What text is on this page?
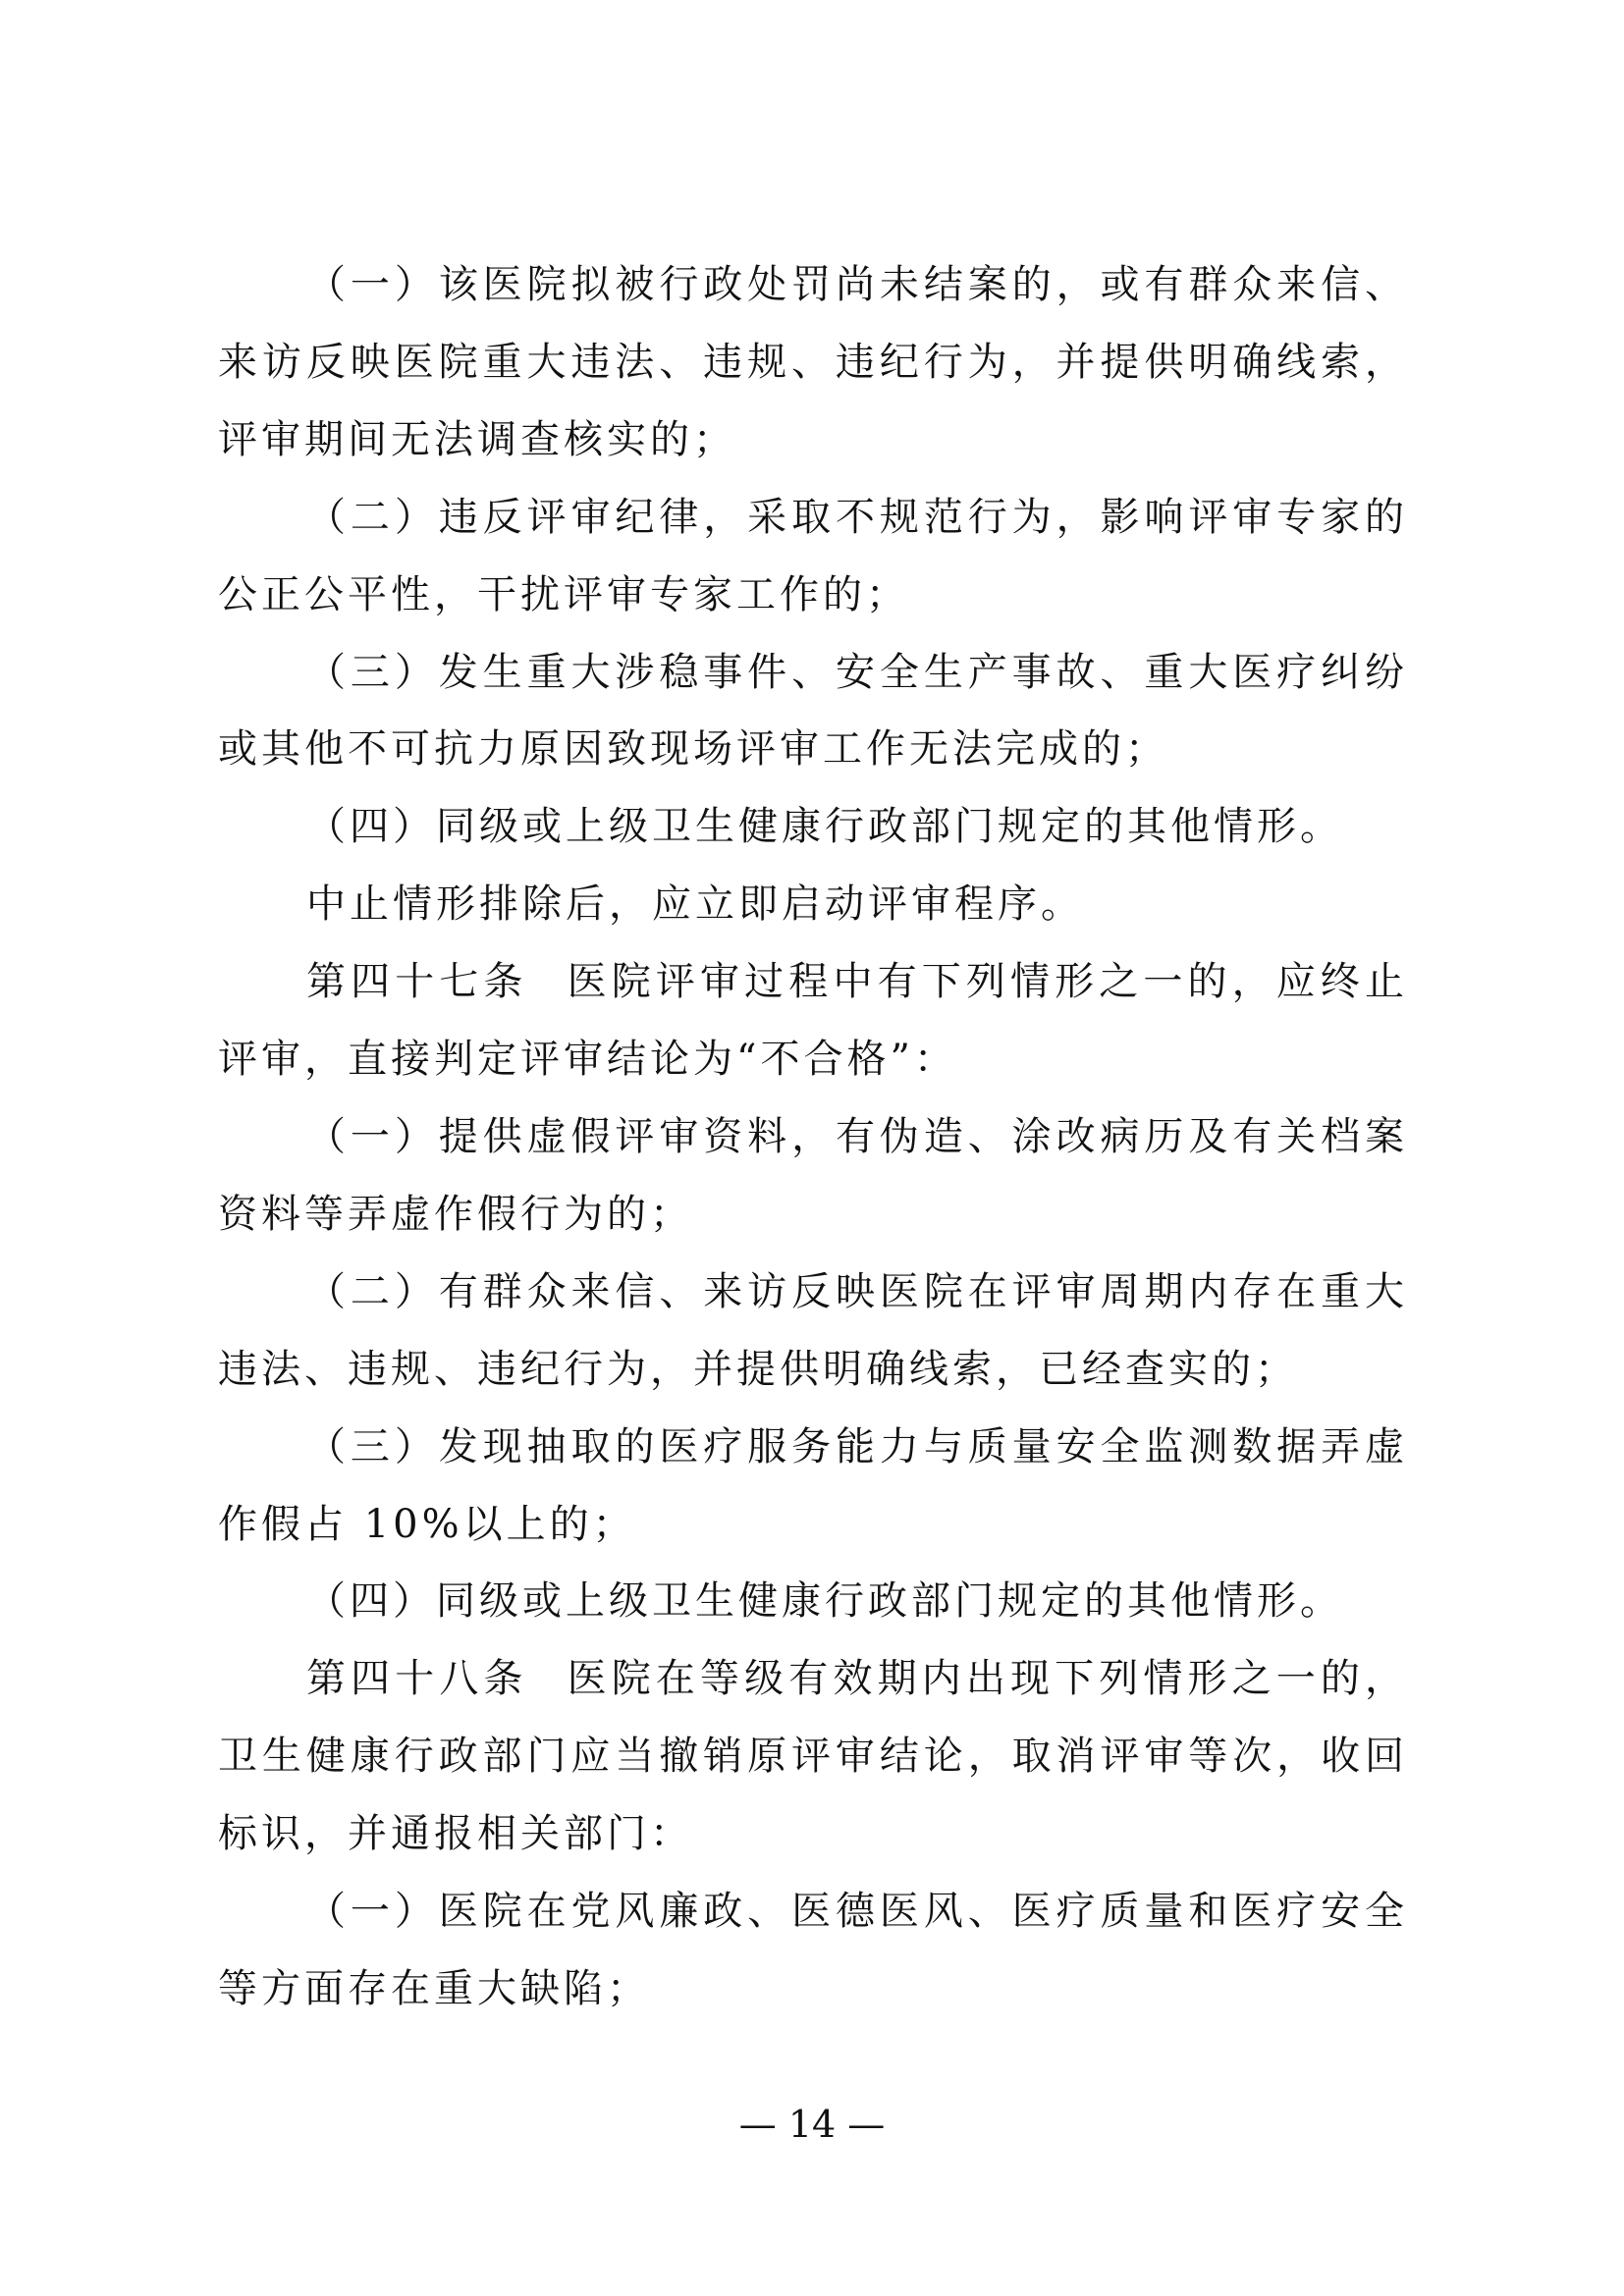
（一）该医院拟被行政处罚尚未结案的，或有群众来信、来访反映医院重大违法、违规、违纪行为，并提供明确线索，评审期间无法调查核实的；

（二）违反评审纪律，采取不规范行为，影响评审专家的公正公平性，干扰评审专家工作的；

（三）发生重大涉稳事件、安全生产事故、重大医疗纠纷或其他不可抗力原因致现场评审工作无法完成的；

（四）同级或上级卫生健康行政部门规定的其他情形。

中止情形排除后，应立即启动评审程序。

第四十七条 医院评审过程中有下列情形之一的，应终止评审，直接判定评审结论为“不合格”：

（一）提供虚假评审资料，有伪造、涂改病历及有关档案资料等弄虚作假行为的；

（二）有群众来信、来访反映医院在评审周期内存在重大违法、违规、违纪行为，并提供明确线索，已经查实的；

（三）发现抽取的医疗服务能力与质量安全监测数据弄虚作假占 10%以上的；

（四）同级或上级卫生健康行政部门规定的其他情形。

第四十八条 医院在等级有效期内出现下列情形之一的，卫生健康行政部门应当撤销原评审结论，取消评审等次，收回标识，并通报相关部门：

（一）医院在党风廉政、医德医风、医疗质量和医疗安全等方面存在重大缺陷；

— 14 —
